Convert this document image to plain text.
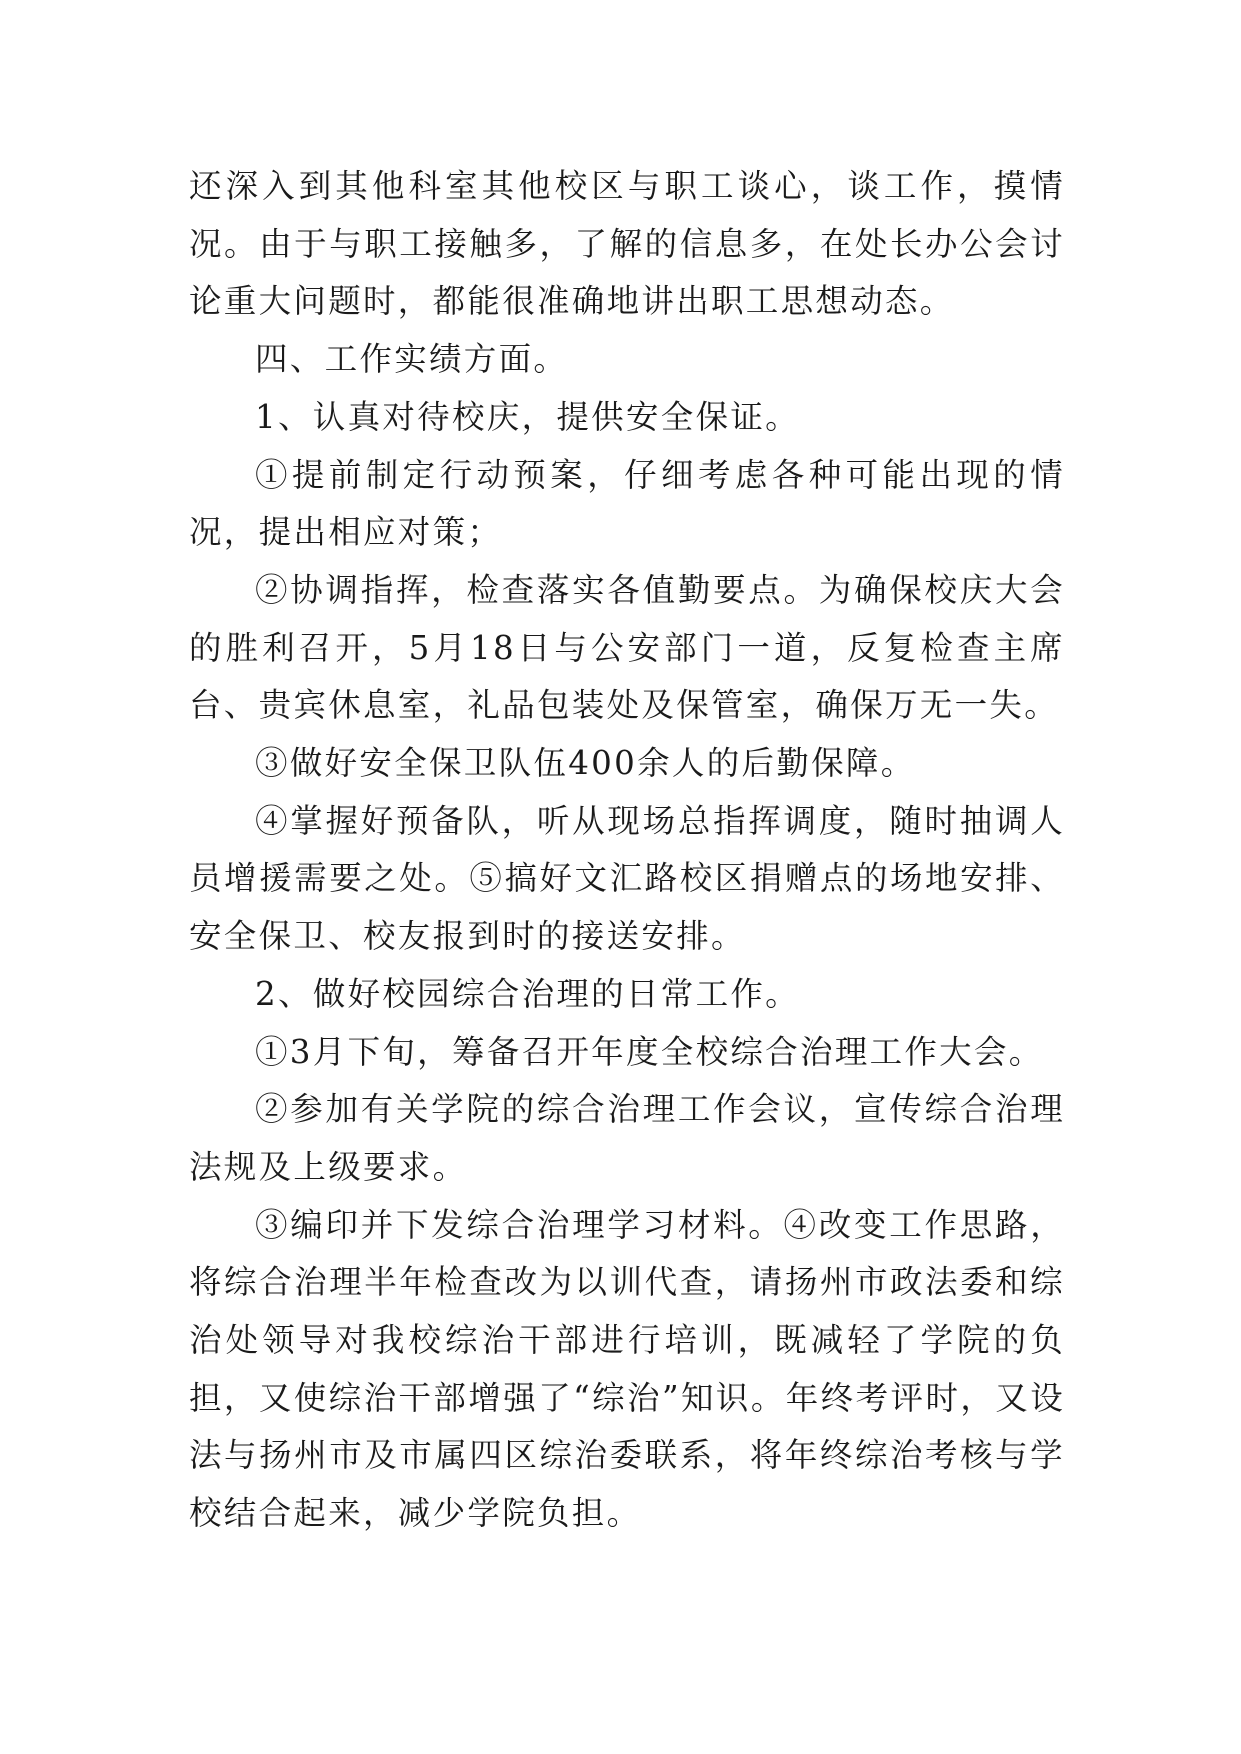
还深入到其他科室其他校区与职工谈心，谈工作，摸情况。由于与职工接触多，了解的信息多，在处长办公会讨论重大问题时，都能很准确地讲出职工思想动态。

四、工作实绩方面。

1、认真对待校庆，提供安全保证。

①提前制定行动预案，仔细考虑各种可能出现的情况，提出相应对策；

②协调指挥，检查落实各值勤要点。为确保校庆大会的胜利召开，5月18日与公安部门一道，反复检查主席台、贵宾休息室，礼品包装处及保管室，确保万无一失。

③做好安全保卫队伍400余人的后勤保障。

④掌握好预备队，听从现场总指挥调度，随时抽调人员增援需要之处。⑤搞好文汇路校区捐赠点的场地安排、安全保卫、校友报到时的接送安排。

2、做好校园综合治理的日常工作。

①3月下旬，筹备召开年度全校综合治理工作大会。

②参加有关学院的综合治理工作会议，宣传综合治理法规及上级要求。

③编印并下发综合治理学习材料。④改变工作思路，将综合治理半年检查改为以训代查，请扬州市政法委和综治处领导对我校综治干部进行培训，既减轻了学院的负担，又使综治干部增强了“综治”知识。年终考评时，又设法与扬州市及市属四区综治委联系，将年终综治考核与学校结合起来，减少学院负担。
